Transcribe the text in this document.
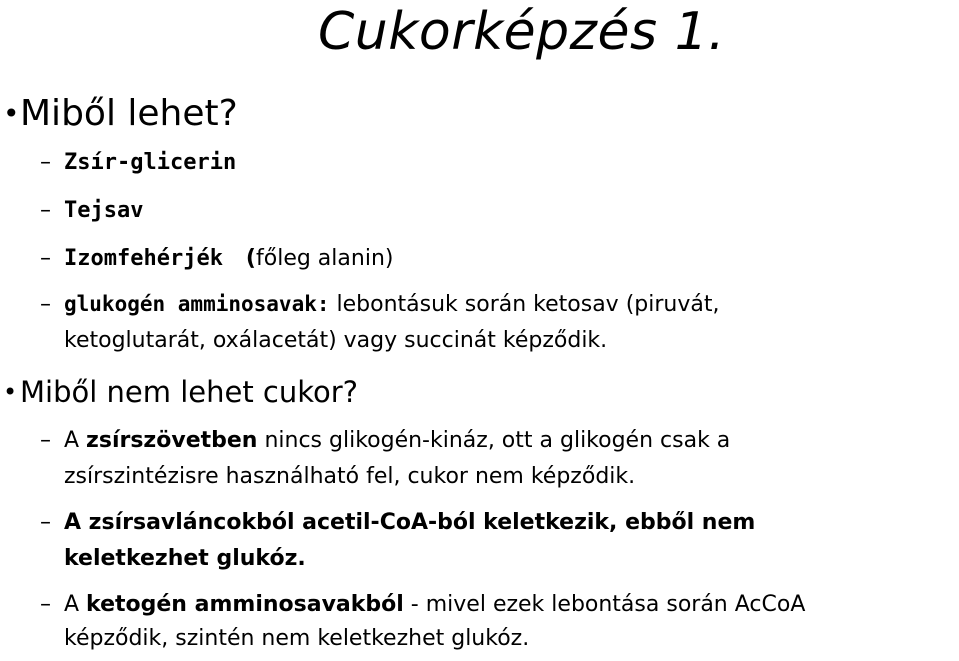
Cukorképzés 1.
• Miből lehet?
– Zsír-glicerin
– Tejsav
– Izomfehérjék   (főleg alanin)
– glukogén amminosavak: lebontásuk során ketosav (piruvát,
ketoglutarát, oxálacetát) vagy succinát képződik.
• Miből nem lehet cukor?
– A zsírszövetben nincs glikogén-kináz, ott a glikogén csak a
zsírszintézisre használható fel, cukor nem képződik.
– A zsírsavláncokból acetil-CoA-ból keletkezik, ebből nem
keletkezhet glukóz.
– A ketogén amminosavakból - mivel ezek lebontása során AcCoA
képződik, szintén nem keletkezhet glukóz.
